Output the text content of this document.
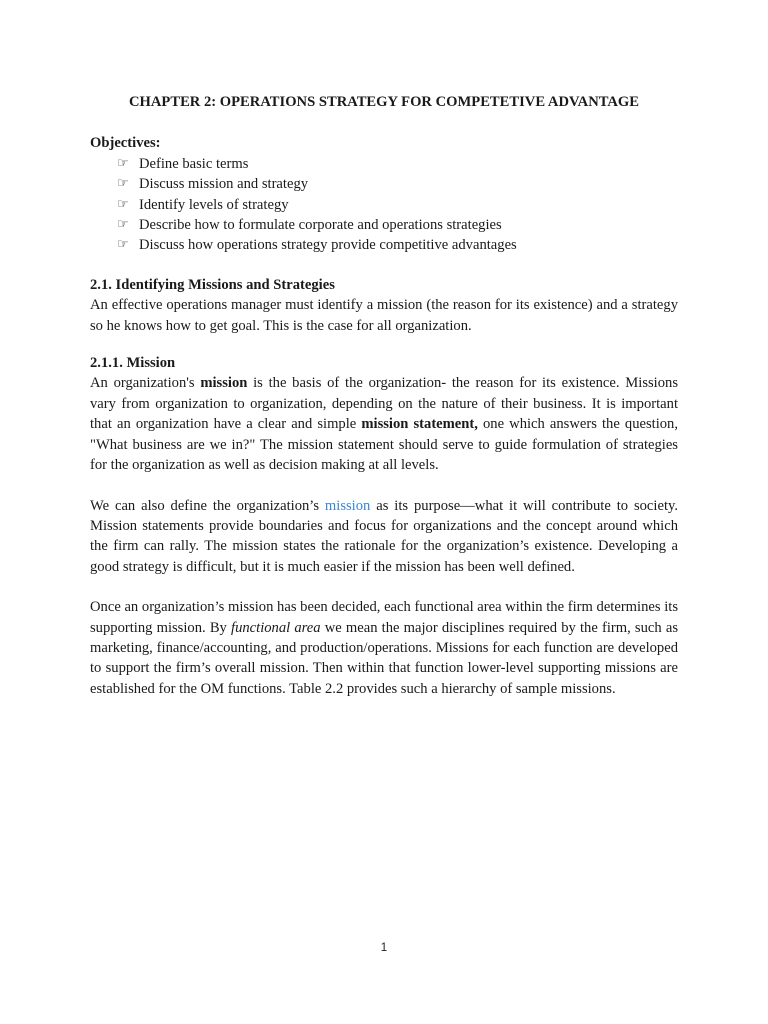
CHAPTER 2: OPERATIONS STRATEGY FOR COMPETETIVE ADVANTAGE
Objectives:
☞ Define basic terms
☞ Discuss mission and strategy
☞ Identify levels of strategy
☞ Describe how to formulate corporate and operations strategies
☞ Discuss how operations strategy provide competitive advantages
2.1. Identifying Missions and Strategies

An effective operations manager must identify a mission (the reason for its existence) and a strategy so he knows how to get goal. This is the case for all organization.

2.1.1. Mission

An organization's mission is the basis of the organization- the reason for its existence. Missions vary from organization to organization, depending on the nature of their business. It is important that an organization have a clear and simple mission statement, one which answers the question, "What business are we in?" The mission statement should serve to guide formulation of strategies for the organization as well as decision making at all levels.

We can also define the organization’s mission as its purpose—what it will contribute to society. Mission statements provide boundaries and focus for organizations and the concept around which the firm can rally. The mission states the rationale for the organization’s existence. Developing a good strategy is difficult, but it is much easier if the mission has been well defined.

Once an organization’s mission has been decided, each functional area within the firm determines its supporting mission. By functional area we mean the major disciplines required by the firm, such as marketing, finance/accounting, and production/operations. Missions for each function are developed to support the firm’s overall mission. Then within that function lower-level supporting missions are established for the OM functions. Table 2.2 provides such a hierarchy of sample missions.

1
